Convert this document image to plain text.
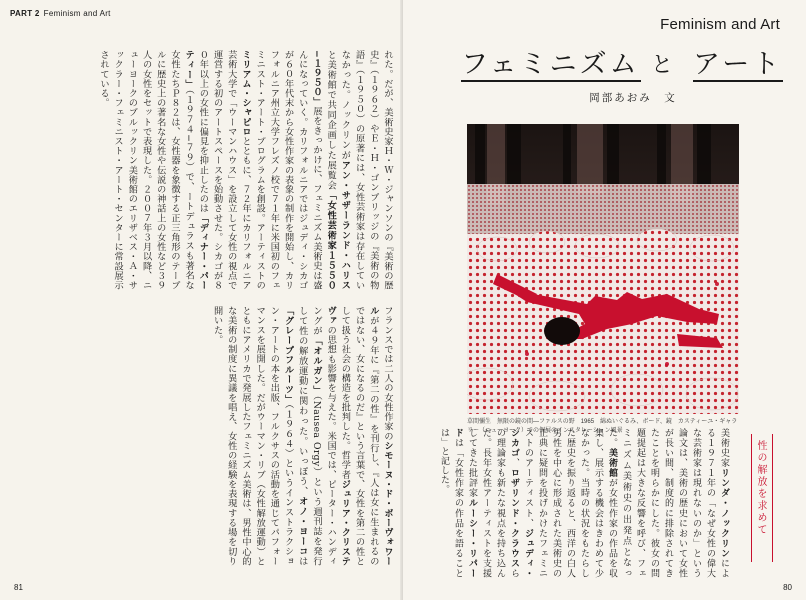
PART 2 Feminism and Art
れた。だが、美術史家Ｈ・Ｗ・ジャンソンの『美術の歴史』（１９６２）やＥ・Ｈ・ゴンブリッジの『美術の物語』（１９５０）の原著には、女性芸術家は存在していなかった。ノックリンがアン・サザーランド・ハリスと美術館で共同企画した展覧会「女性芸術家１５５０−１９５０」展をきっかけに、フェミニズム美術史は盛んになっていく。カリフォルニアではジュディ・シカゴが６０年代末から女性作家の表象の制作を開始し、カリフォルニア州立大学フレズノ校で７１年に米国初のフェミニスト・アート・プログラムを創設。アーティストのミリアム・シャピロとともに、７２年にカリフォルニア芸術大学で「ウーマンハウス」を設立して女性の視点で運営する初のアートスペースを始動させた。シカゴが８０年以上の女性に偏見を抑止したのは「ディナー・パーティー」（１９７４−７９）で、ートデュラスも著名な女性たちＰ８２は、女性器を象徴する正三角形のテーブルに歴史上の著名な女性や伝説の神話上の女性など３９人の女性をセットで表現した。２００７年３月以降、ニューヨークのブルックリン美術館のエリザベス・Ａ・サックラー・フェミニスト・アート・センターに常設展示されている。
フランスでは二人の女性作家のシモーヌ・ド・ボーヴォワールが４９年に『第二の性』を刊行し、『人は女に生まれるのではない、女になるのだ』という言葉で、女性を第二の性として扱う社会の構造を批判した。哲学者ジュリア・クリステヴァの思想も影響を与えた。米国では、ピーター・ハンディングが「オルガン」（Nausea Orgy）という週刊誌を発行して性の解放運動に関わった。いっぽう、オノ・ヨーコは「グレープフルーツ」（１９６４）というインストラクション・アートの本を出版、フルクサスの活動を通じてパフォーマンスを展開した。だがウーマン・リブ（女性解放運動）とともにアメリカで発展したフェミニズム美術は、男性中心的な美術の制度に異議を唱え、女性の経験を表現する場を切り開いた。
81
Feminism and Art
フェミニズム と アート
岡部あおみ　文
草間彌生　無限の鏡の間―ファルスの野　1965　綿ぬいぐるみ、ボード、鏡　カスティーユ・ギャラリー（ニューヨーク）での個展のインスタレーション風景
性の解放を求めて
美術史家リンダ・ノックリンによる１９７１年の「なぜ女性の偉大な芸術家は現れないのか」という論文は、美術の歴史において女性が長い間、制度的に排除されてきたことを明らかにした。彼女の問題提起は大きな反響を呼び、フェミニズム美術史の出発点となった。美術館が女性作家の作品を収集し、展示する機会はきわめて少なかった。当時の状況をもたらした歴史を振り返ると、西洋の白人男性を中心に形成された美術史の正典に疑問を投げかけたフェミニストのアーティスト、ジュディ・シカゴ、ロザリンド・クラウスらの理論家も新たな視点を持ち込んだ。長年女性アーティストを支援してきた批評家ルーシー・リパードは「女性作家の作品を語ることは」と記した。
80
